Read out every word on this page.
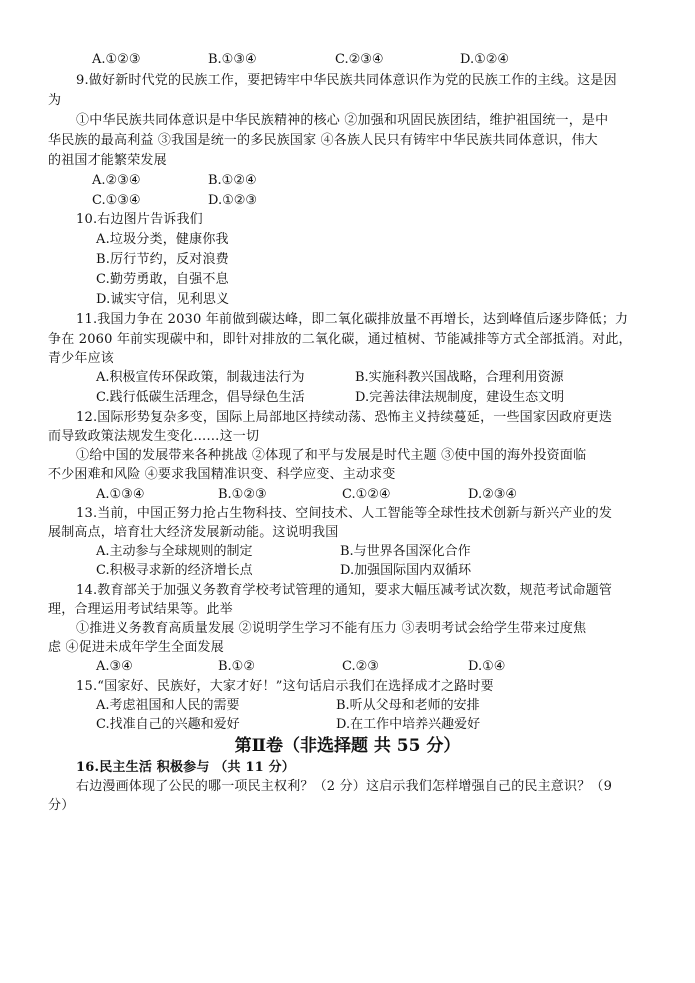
A.①②③	B.①③④	C.②③④	D.①②④
9.做好新时代党的民族工作，要把铸牢中华民族共同体意识作为党的民族工作的主线。这是因
为
①中华民族共同体意识是中华民族精神的核心 ②加强和巩固民族团结，维护祖国统一，是中
华民族的最高利益 ③我国是统一的多民族国家 ④各族人民只有铸牢中华民族共同体意识，伟大
的祖国才能繁荣发展
A.②③④	B.①②④
C.①③④	D.①②③
10.右边图片告诉我们
A.垃圾分类，健康你我
B.厉行节约，反对浪费
C.勤劳勇敢，自强不息
D.诚实守信，见利思义
11.我国力争在 2030 年前做到碳达峰，即二氧化碳排放量不再增长，达到峰值后逐步降低；力
争在 2060 年前实现碳中和，即针对排放的二氧化碳，通过植树、节能减排等方式全部抵消。对此，
青少年应该
A.积极宣传环保政策，制裁违法行为	B.实施科教兴国战略，合理利用资源
C.践行低碳生活理念，倡导绿色生活	D.完善法律法规制度，建设生态文明
12.国际形势复杂多变，国际上局部地区持续动荡、恐怖主义持续蔓延，一些国家因政府更迭
而导致政策法规发生变化……这一切
①给中国的发展带来各种挑战 ②体现了和平与发展是时代主题 ③使中国的海外投资面临
不少困难和风险 ④要求我国精准识变、科学应变、主动求变
A.①③④	B.①②③	C.①②④	D.②③④
13.当前，中国正努力抢占生物科技、空间技术、人工智能等全球性技术创新与新兴产业的发
展制高点，培育壮大经济发展新动能。这说明我国
A.主动参与全球规则的制定	B.与世界各国深化合作
C.积极寻求新的经济增长点	D.加强国际国内双循环
14.教育部关于加强义务教育学校考试管理的通知，要求大幅压减考试次数，规范考试命题管
理，合理运用考试结果等。此举
①推进义务教育高质量发展 ②说明学生学习不能有压力 ③表明考试会给学生带来过度焦
虑 ④促进未成年学生全面发展
A.③④	B.①②	C.②③	D.①④
15.“国家好、民族好，大家才好！”这句话启示我们在选择成才之路时要
A.考虑祖国和人民的需要	B.听从父母和老师的安排
C.找准自己的兴趣和爱好	D.在工作中培养兴趣爱好
第Ⅱ卷（非选择题 共 55 分）
16.民主生活 积极参与 （共 11 分）
右边漫画体现了公民的哪一项民主权利？（2 分）这启示我们怎样增强自己的民主意识？（9
分）
